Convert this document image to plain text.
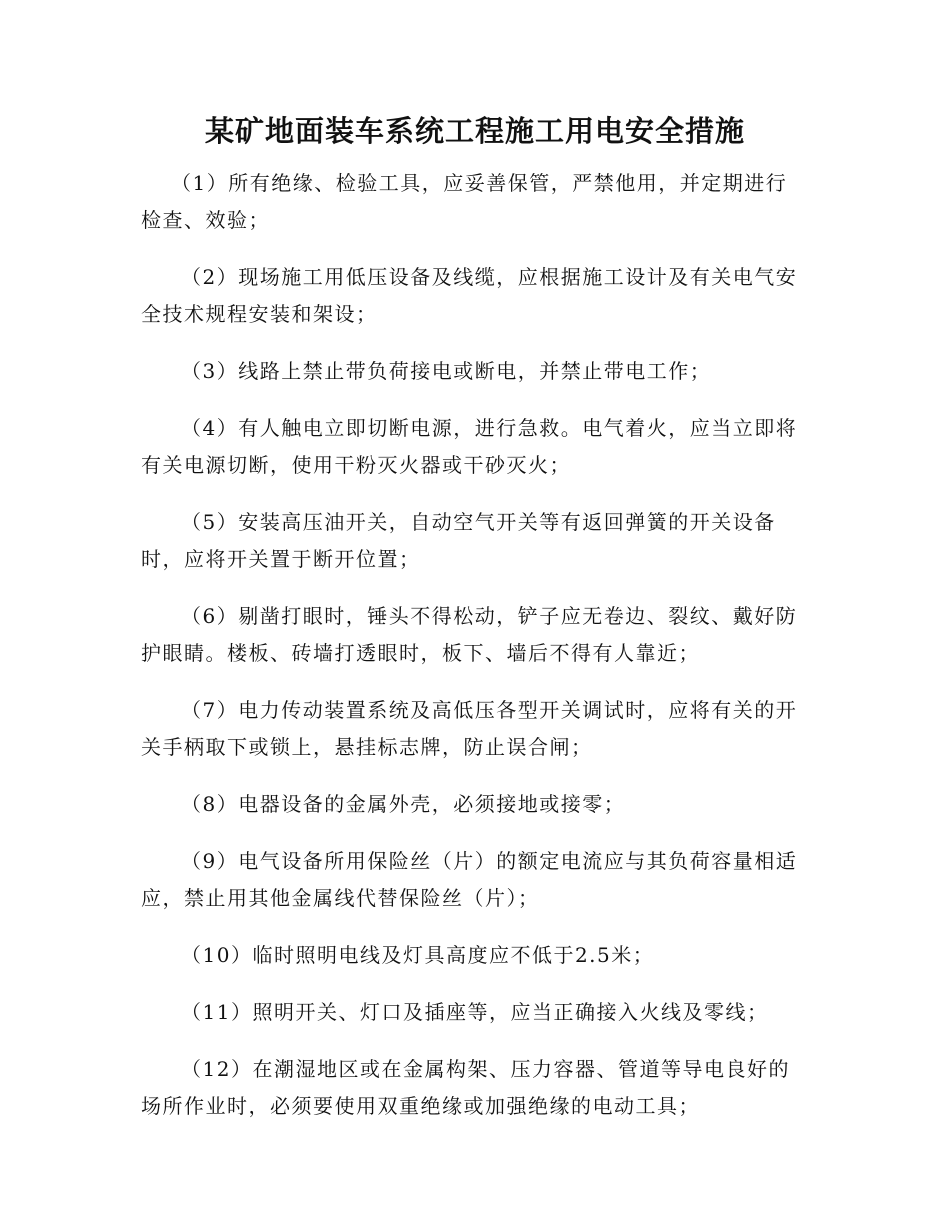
某矿地面装车系统工程施工用电安全措施

（1）所有绝缘、检验工具，应妥善保管，严禁他用，并定期进行检查、效验；

（2）现场施工用低压设备及线缆，应根据施工设计及有关电气安全技术规程安装和架设；

（3）线路上禁止带负荷接电或断电，并禁止带电工作；

（4）有人触电立即切断电源，进行急救。电气着火，应当立即将有关电源切断，使用干粉灭火器或干砂灭火；

（5）安装高压油开关，自动空气开关等有返回弹簧的开关设备时，应将开关置于断开位置；

（6）剔凿打眼时，锤头不得松动，铲子应无卷边、裂纹、戴好防护眼睛。楼板、砖墙打透眼时，板下、墙后不得有人靠近；

（7）电力传动装置系统及高低压各型开关调试时，应将有关的开关手柄取下或锁上，悬挂标志牌，防止误合闸；

（8）电器设备的金属外壳，必须接地或接零；

（9）电气设备所用保险丝（片）的额定电流应与其负荷容量相适应，禁止用其他金属线代替保险丝（片）；

（10）临时照明电线及灯具高度应不低于2.5米；

（11）照明开关、灯口及插座等，应当正确接入火线及零线；

（12）在潮湿地区或在金属构架、压力容器、管道等导电良好的场所作业时，必须要使用双重绝缘或加强绝缘的电动工具；
